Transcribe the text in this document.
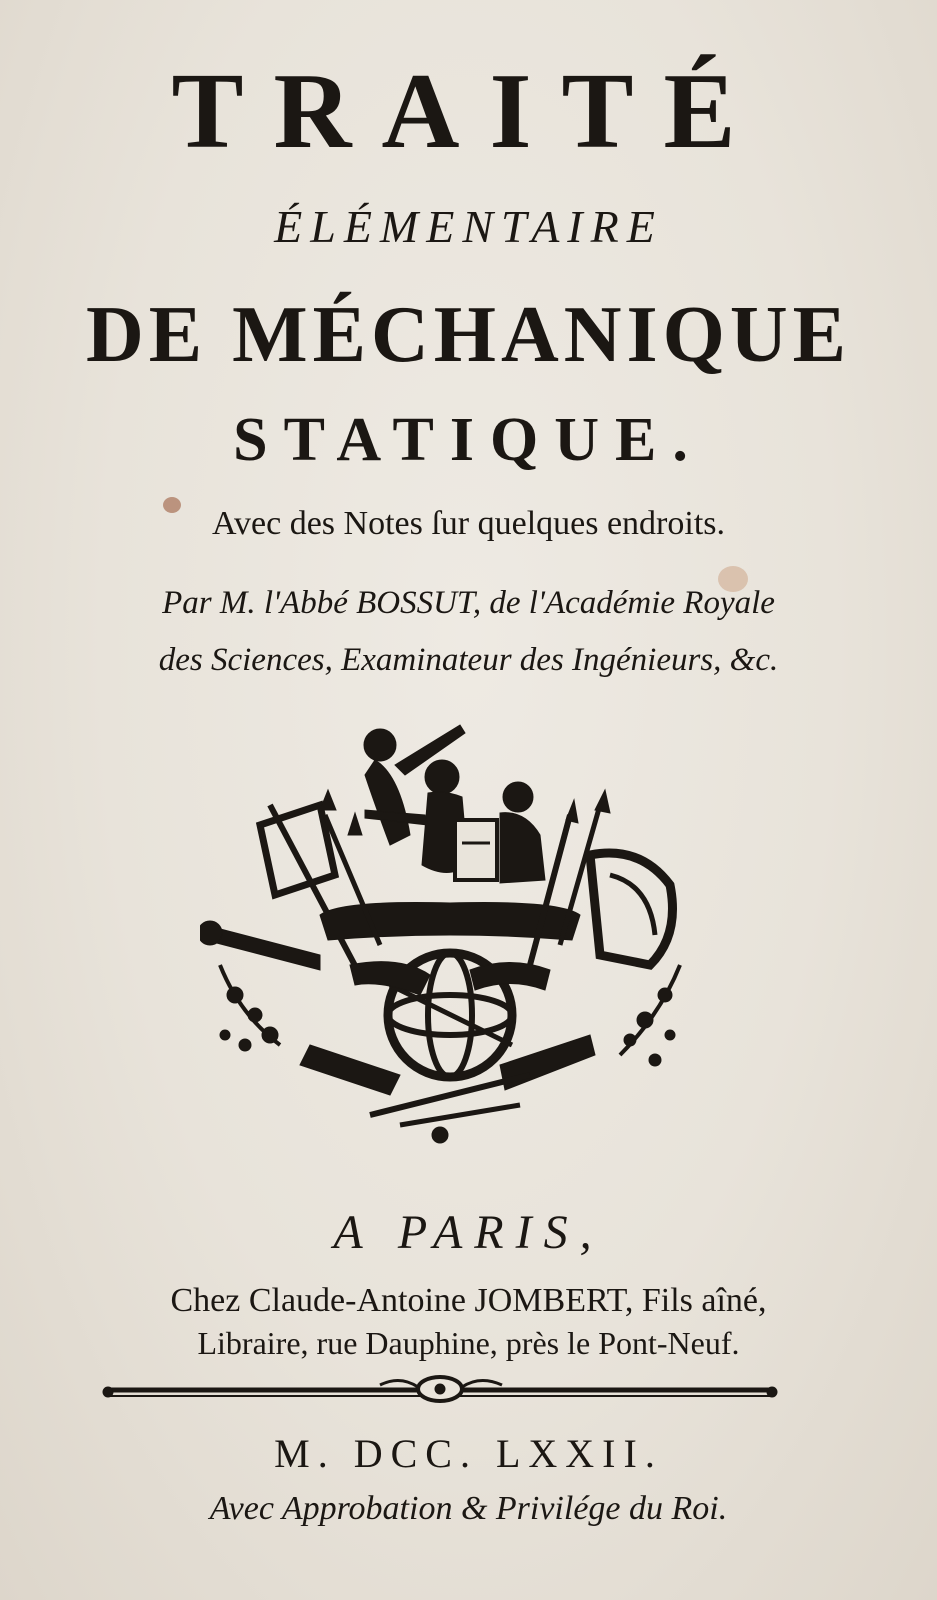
TRAITÉ
ÉLÉMENTAIRE
DE MÉCHANIQUE
STATIQUE.
Avec des Notes ſur quelques endroits.
Par M. l'Abbé BOSSUT, de l'Académie Royale
des Sciences, Examinateur des Ingénieurs, &c.
A PARIS,
Chez Claude-Antoine JOMBERT, Fils aîné,
Libraire, rue Dauphine, près le Pont-Neuf.
M. DCC. LXXII.
Avec Approbation & Privilége du Roi.
